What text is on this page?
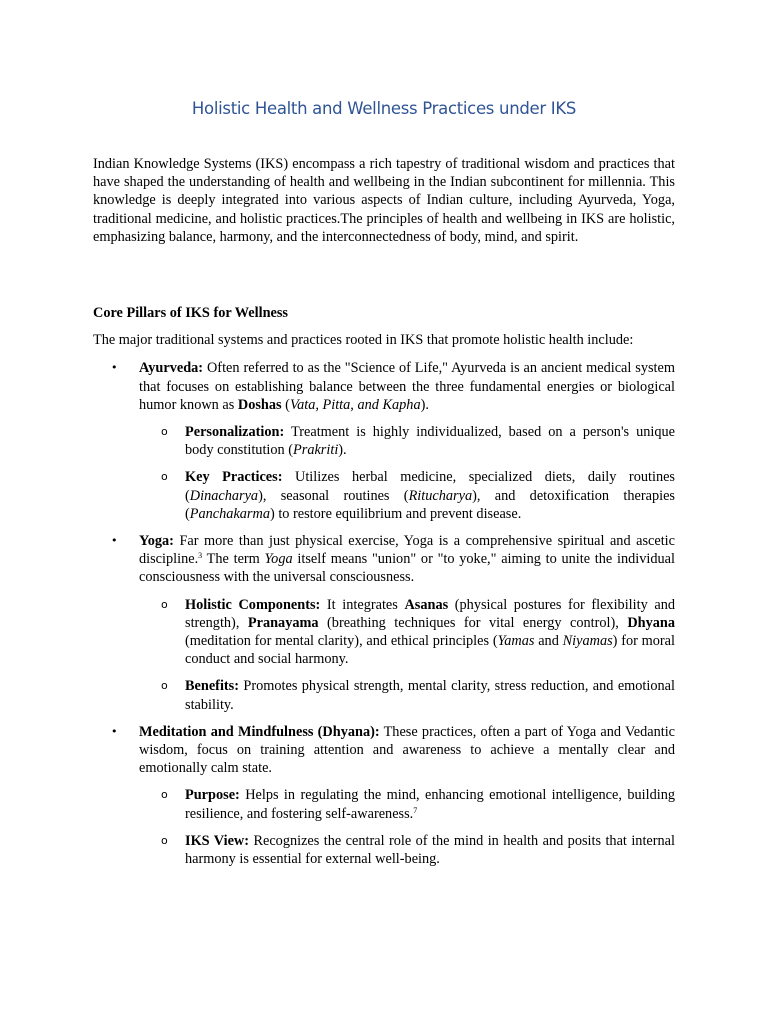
Holistic Health and Wellness Practices under IKS

Indian Knowledge Systems (IKS) encompass a rich tapestry of traditional wisdom and practices that have shaped the understanding of health and wellbeing in the Indian subcontinent for millennia. This knowledge is deeply integrated into various aspects of Indian culture, including Ayurveda, Yoga, traditional medicine, and holistic practices.The principles of health and wellbeing in IKS are holistic, emphasizing balance, harmony, and the interconnectedness of body, mind, and spirit.

Core Pillars of IKS for Wellness

The major traditional systems and practices rooted in IKS that promote holistic health include:

• Ayurveda: Often referred to as the "Science of Life," Ayurveda is an ancient medical system that focuses on establishing balance between the three fundamental energies or biological humor known as Doshas (Vata, Pitta, and Kapha).

o Personalization: Treatment is highly individualized, based on a person's unique body constitution (Prakriti).

o Key Practices: Utilizes herbal medicine, specialized diets, daily routines (Dinacharya), seasonal routines (Ritucharya), and detoxification therapies (Panchakarma) to restore equilibrium and prevent disease.

• Yoga: Far more than just physical exercise, Yoga is a comprehensive spiritual and ascetic discipline.$^3$ The term Yoga itself means "union" or "to yoke," aiming to unite the individual consciousness with the universal consciousness.

o Holistic Components: It integrates Asanas (physical postures for flexibility and strength), Pranayama (breathing techniques for vital energy control), Dhyana (meditation for mental clarity), and ethical principles (Yamas and Niyamas) for moral conduct and social harmony.

o Benefits: Promotes physical strength, mental clarity, stress reduction, and emotional stability.

• Meditation and Mindfulness (Dhyana): These practices, often a part of Yoga and Vedantic wisdom, focus on training attention and awareness to achieve a mentally clear and emotionally calm state.

o Purpose: Helps in regulating the mind, enhancing emotional intelligence, building resilience, and fostering self-awareness.$^7$

o IKS View: Recognizes the central role of the mind in health and posits that internal harmony is essential for external well-being.
